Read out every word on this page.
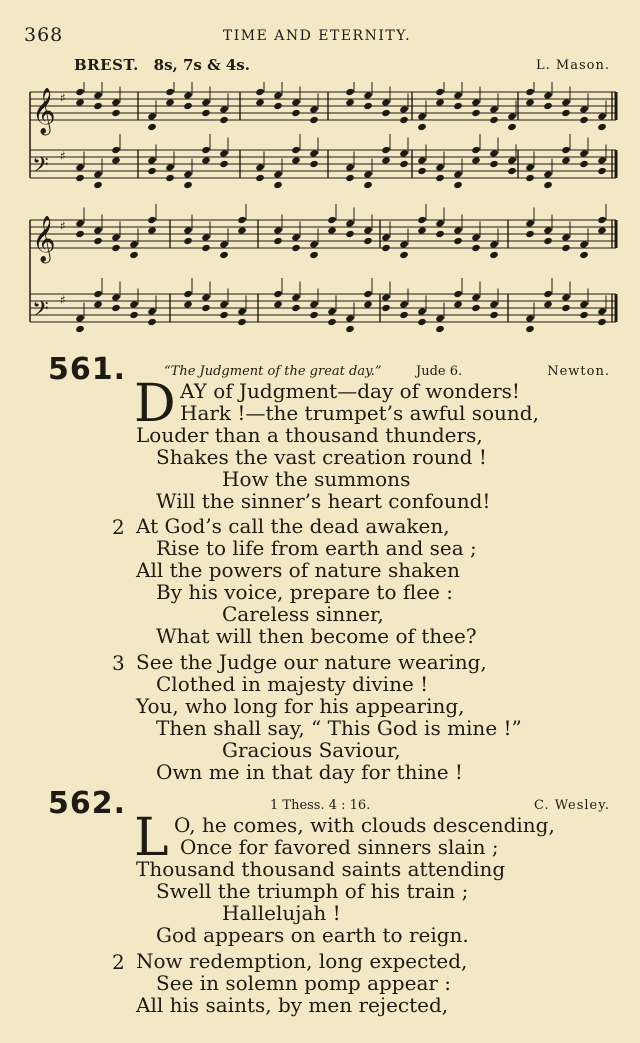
368	TIME AND ETERNITY.
BREST. 8s, 7s & 4s.	L. Mason.
𝄞 ♯
𝄢 ♯
𝄞 ♯
𝄢 ♯
561.	“The Judgment of the great day.”	Jude 6.	Newton.
D AY of Judgment—day of wonders!
Hark !—the trumpet’s awful sound,
Louder than a thousand thunders,
Shakes the vast creation round !
How the summons
Will the sinner’s heart confound!
2 At God’s call the dead awaken,
Rise to life from earth and sea ;
All the powers of nature shaken
By his voice, prepare to flee :
Careless sinner,
What will then become of thee?
3 See the Judge our nature wearing,
Clothed in majesty divine !
You, who long for his appearing,
Then shall say, “ This God is mine !”
Gracious Saviour,
Own me in that day for thine !
562.	1 Thess. 4 : 16.	C. Wesley.
L O, he comes, with clouds descending,
Once for favored sinners slain ;
Thousand thousand saints attending
Swell the triumph of his train ;
Hallelujah !
God appears on earth to reign.
2 Now redemption, long expected,
See in solemn pomp appear :
All his saints, by men rejected,
